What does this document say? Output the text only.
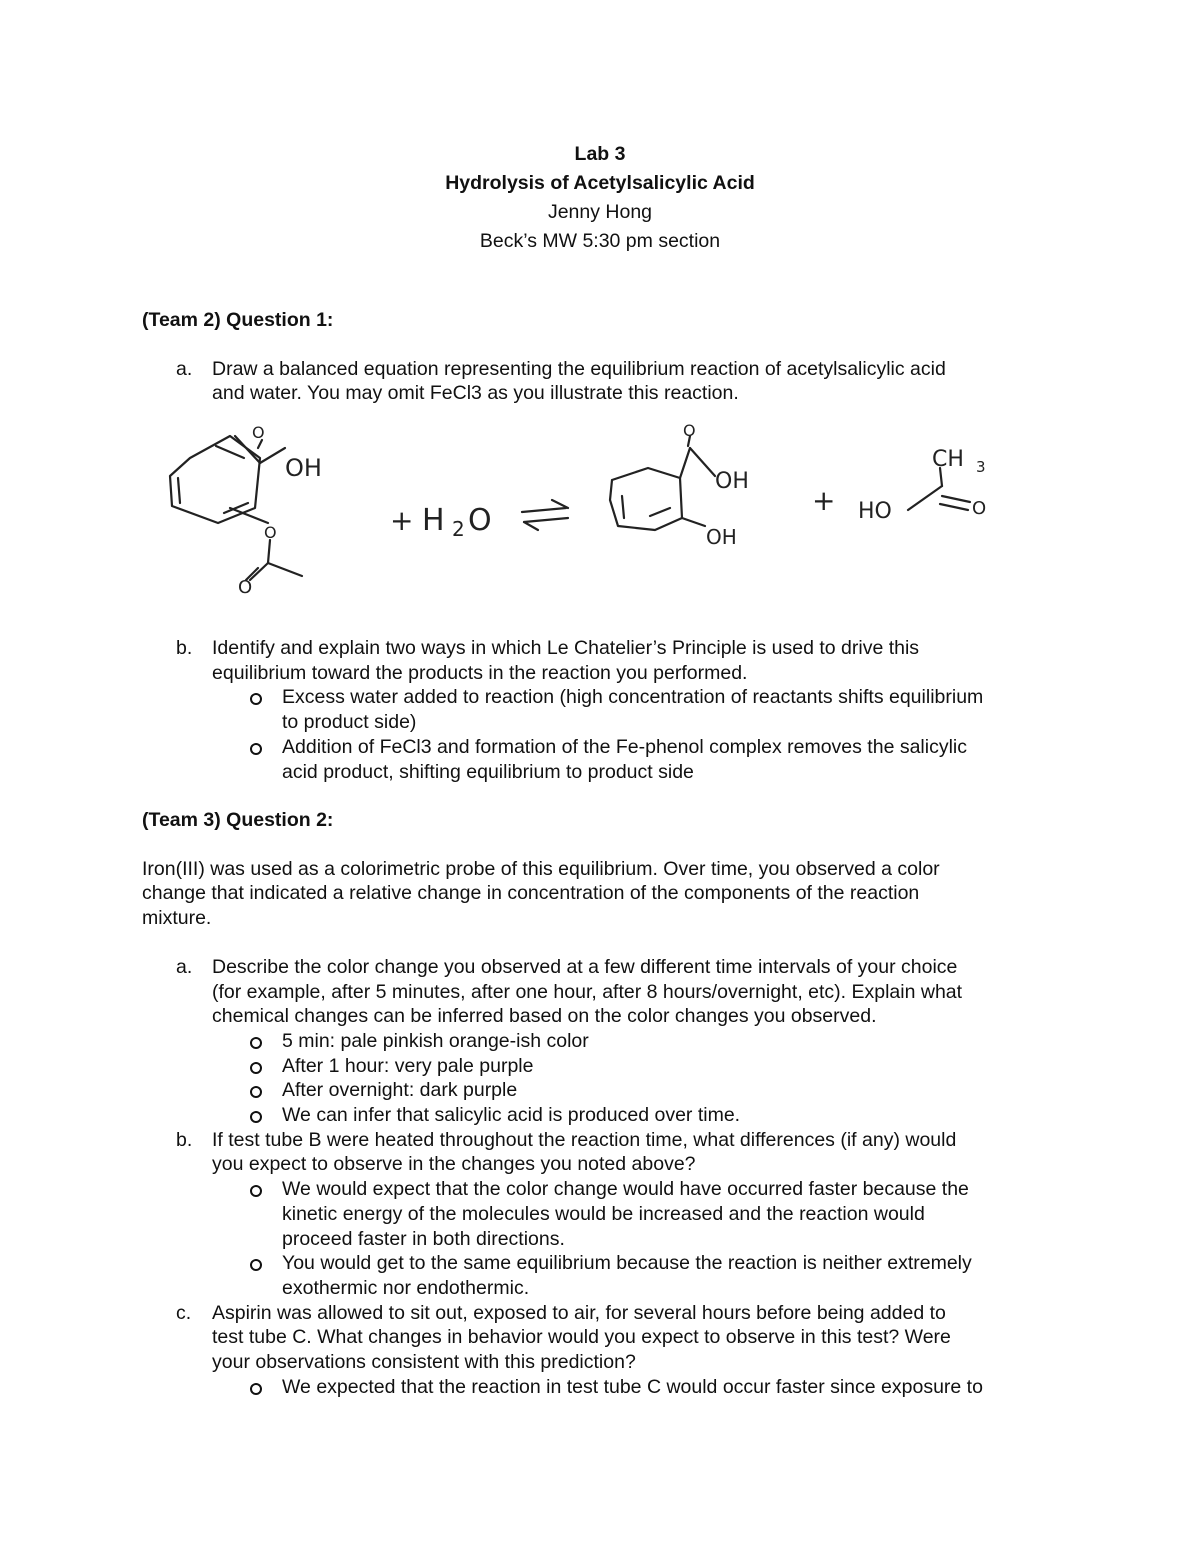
Lab 3
Hydrolysis of Acetylsalicylic Acid
Jenny Hong
Beck’s MW 5:30 pm section
(Team 2) Question 1:
a. Draw a balanced equation representing the equilibrium reaction of acetylsalicylic acid
and water. You may omit FeCl3 as you illustrate this reaction.
O
OH
O
O
+ H 2 O
O
OH
OH
+ HO
CH 3
O
b. Identify and explain two ways in which Le Chatelier’s Principle is used to drive this
equilibrium toward the products in the reaction you performed.
Excess water added to reaction (high concentration of reactants shifts equilibrium
to product side)
Addition of FeCl3 and formation of the Fe-phenol complex removes the salicylic
acid product, shifting equilibrium to product side
(Team 3) Question 2:
Iron(III) was used as a colorimetric probe of this equilibrium. Over time, you observed a color
change that indicated a relative change in concentration of the components of the reaction
mixture.
a. Describe the color change you observed at a few different time intervals of your choice
(for example, after 5 minutes, after one hour, after 8 hours/overnight, etc). Explain what
chemical changes can be inferred based on the color changes you observed.
5 min: pale pinkish orange-ish color
After 1 hour: very pale purple
After overnight: dark purple
We can infer that salicylic acid is produced over time.
b. If test tube B were heated throughout the reaction time, what differences (if any) would
you expect to observe in the changes you noted above?
We would expect that the color change would have occurred faster because the
kinetic energy of the molecules would be increased and the reaction would
proceed faster in both directions.
You would get to the same equilibrium because the reaction is neither extremely
exothermic nor endothermic.
c. Aspirin was allowed to sit out, exposed to air, for several hours before being added to
test tube C. What changes in behavior would you expect to observe in this test? Were
your observations consistent with this prediction?
We expected that the reaction in test tube C would occur faster since exposure to
